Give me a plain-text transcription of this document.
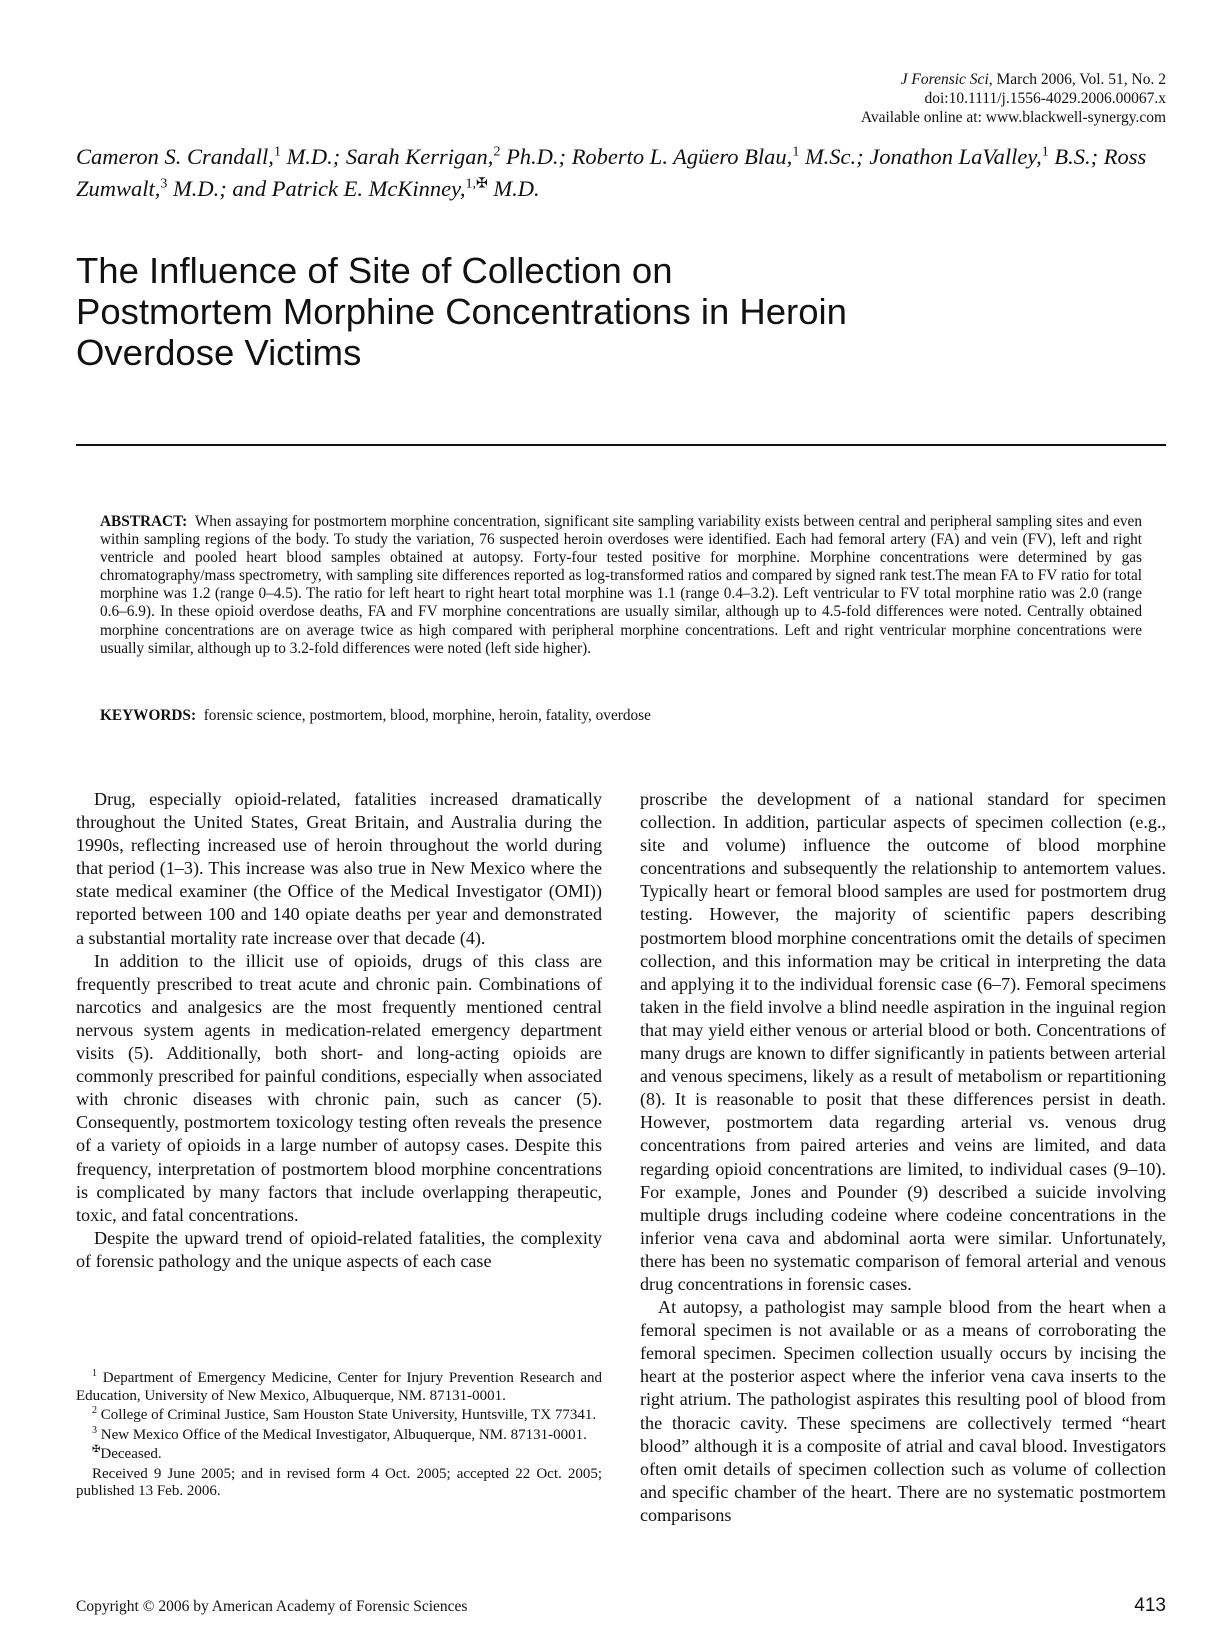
J Forensic Sci, March 2006, Vol. 51, No. 2
doi:10.1111/j.1556-4029.2006.00067.x
Available online at: www.blackwell-synergy.com
Cameron S. Crandall,$^1$ M.D.; Sarah Kerrigan,$^2$ Ph.D.; Roberto L. Agüero Blau,$^1$ M.Sc.; Jonathon LaValley,$^1$ B.S.; Ross Zumwalt,$^3$ M.D.; and Patrick E. McKinney,$^{1,✠}$ M.D.
The Influence of Site of Collection on
Postmortem Morphine Concentrations in Heroin
Overdose Victims
ABSTRACT: When assaying for postmortem morphine concentration, significant site sampling variability exists between central and peripheral sampling sites and even within sampling regions of the body. To study the variation, 76 suspected heroin overdoses were identified. Each had femoral artery (FA) and vein (FV), left and right ventricle and pooled heart blood samples obtained at autopsy. Forty-four tested positive for morphine. Morphine concentrations were determined by gas chromatography/mass spectrometry, with sampling site differences reported as log-transformed ratios and compared by signed rank test.The mean FA to FV ratio for total morphine was 1.2 (range 0–4.5). The ratio for left heart to right heart total morphine was 1.1 (range 0.4–3.2). Left ventricular to FV total morphine ratio was 2.0 (range 0.6–6.9). In these opioid overdose deaths, FA and FV morphine concentrations are usually similar, although up to 4.5-fold differences were noted. Centrally obtained morphine concentrations are on average twice as high compared with peripheral morphine concentrations. Left and right ventricular morphine concentrations were usually similar, although up to 3.2-fold differences were noted (left side higher).
KEYWORDS: forensic science, postmortem, blood, morphine, heroin, fatality, overdose

Drug, especially opioid-related, fatalities increased dramatically throughout the United States, Great Britain, and Australia during the 1990s, reflecting increased use of heroin throughout the world during that period (1–3). This increase was also true in New Mexico where the state medical examiner (the Office of the Medical Investigator (OMI)) reported between 100 and 140 opiate deaths per year and demonstrated a substantial mortality rate increase over that decade (4).

In addition to the illicit use of opioids, drugs of this class are frequently prescribed to treat acute and chronic pain. Combinations of narcotics and analgesics are the most frequently mentioned central nervous system agents in medication-related emergency department visits (5). Additionally, both short- and long-acting opioids are commonly prescribed for painful conditions, especially when associated with chronic diseases with chronic pain, such as cancer (5). Consequently, postmortem toxicology testing often reveals the presence of a variety of opioids in a large number of autopsy cases. Despite this frequency, interpretation of postmortem blood morphine concentrations is complicated by many factors that include overlapping therapeutic, toxic, and fatal concentrations.

Despite the upward trend of opioid-related fatalities, the complexity of forensic pathology and the unique aspects of each case

proscribe the development of a national standard for specimen collection. In addition, particular aspects of specimen collection (e.g., site and volume) influence the outcome of blood morphine concentrations and subsequently the relationship to antemortem values. Typically heart or femoral blood samples are used for postmortem drug testing. However, the majority of scientific papers describing postmortem blood morphine concentrations omit the details of specimen collection, and this information may be critical in interpreting the data and applying it to the individual forensic case (6–7). Femoral specimens taken in the field involve a blind needle aspiration in the inguinal region that may yield either venous or arterial blood or both. Concentrations of many drugs are known to differ significantly in patients between arterial and venous specimens, likely as a result of metabolism or repartitioning (8). It is reasonable to posit that these differences persist in death. However, postmortem data regarding arterial vs. venous drug concentrations from paired arteries and veins are limited, and data regarding opioid concentrations are limited, to individual cases (9–10). For example, Jones and Pounder (9) described a suicide involving multiple drugs including codeine where codeine concentrations in the inferior vena cava and abdominal aorta were similar. Unfortunately, there has been no systematic comparison of femoral arterial and venous drug concentrations in forensic cases.

At autopsy, a pathologist may sample blood from the heart when a femoral specimen is not available or as a means of corroborating the femoral specimen. Specimen collection usually occurs by incising the heart at the posterior aspect where the inferior vena cava inserts to the right atrium. The pathologist aspirates this resulting pool of blood from the thoracic cavity. These specimens are collectively termed “heart blood” although it is a composite of atrial and caval blood. Investigators often omit details of specimen collection such as volume of collection and specific chamber of the heart. There are no systematic postmortem comparisons

$^1$ Department of Emergency Medicine, Center for Injury Prevention Research and Education, University of New Mexico, Albuquerque, NM. 87131-0001.

$^2$ College of Criminal Justice, Sam Houston State University, Huntsville, TX 77341.

$^3$ New Mexico Office of the Medical Investigator, Albuquerque, NM. 87131-0001.

✠Deceased.

Received 9 June 2005; and in revised form 4 Oct. 2005; accepted 22 Oct. 2005; published 13 Feb. 2006.

Copyright © 2006 by American Academy of Forensic Sciences	413
